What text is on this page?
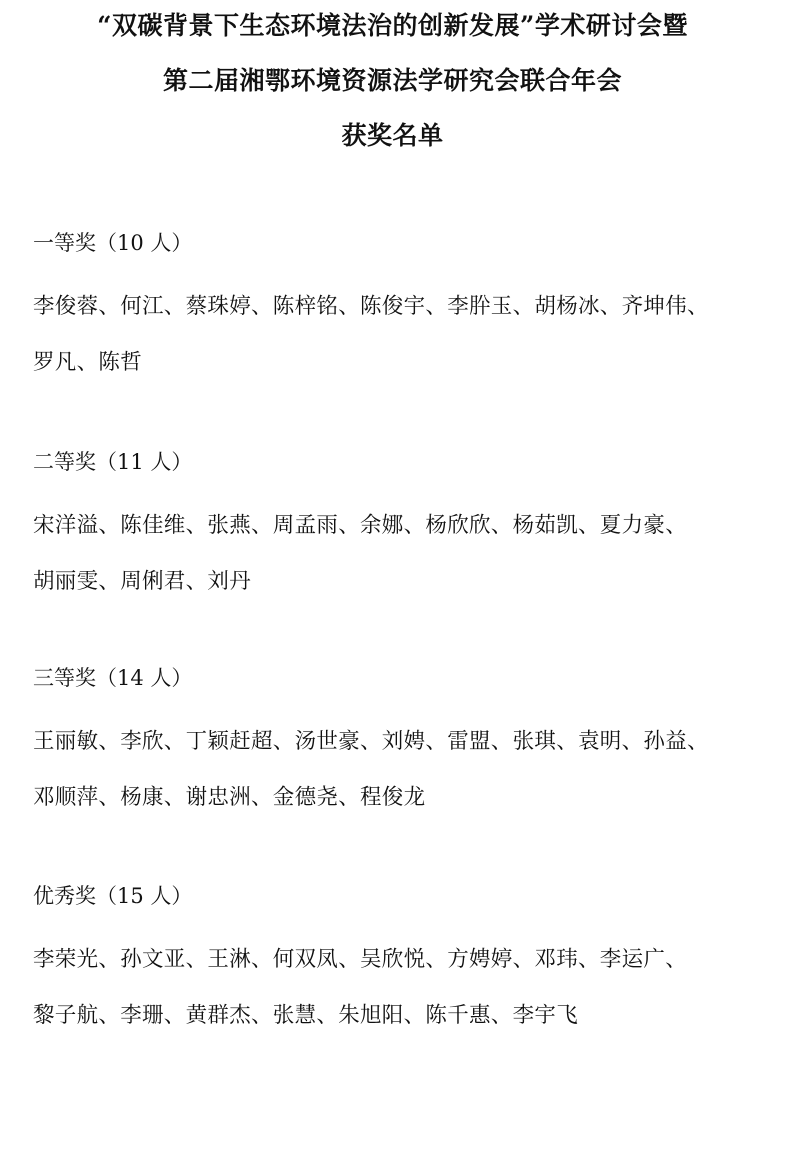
“双碳背景下生态环境法治的创新发展”学术研讨会暨
第二届湘鄂环境资源法学研究会联合年会
获奖名单
一等奖（10 人）
李俊蓉、何江、蔡珠婷、陈梓铭、陈俊宇、李肸玉、胡杨冰、齐坤伟、
罗凡、陈哲
二等奖（11 人）
宋洋溢、陈佳维、张燕、周孟雨、余娜、杨欣欣、杨茹凯、夏力豪、
胡丽雯、周俐君、刘丹
三等奖（14 人）
王丽敏、李欣、丁颖赶超、汤世豪、刘娉、雷盟、张琪、袁明、孙益、
邓顺萍、杨康、谢忠洲、金德尧、程俊龙
优秀奖（15 人）
李荣光、孙文亚、王淋、何双凤、吴欣悦、方娉婷、邓玮、李运广、
黎子航、李珊、黄群杰、张慧、朱旭阳、陈千惠、李宇飞
